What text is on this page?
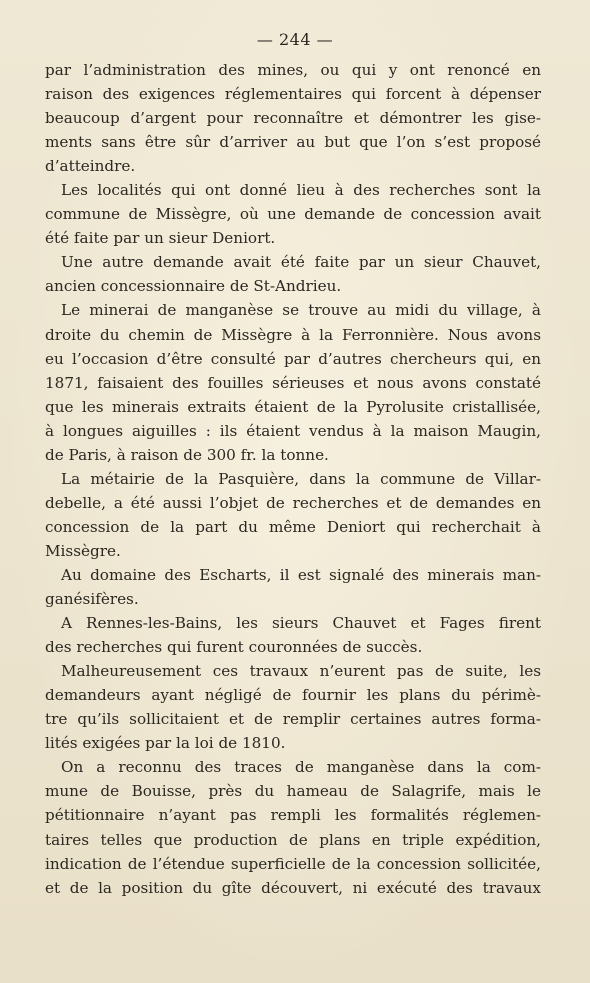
— 244 —
par l’administration des mines, ou qui y ont renoncé en
raison des exigences réglementaires qui forcent à dépenser
beaucoup d’argent pour reconnaître et démontrer les gise-
ments sans être sûr d’arriver au but que l’on s’est proposé
d’atteindre.
Les localités qui ont donné lieu à des recherches sont la
commune de Missègre, où une demande de concession avait
été faite par un sieur Deniort.
Une autre demande avait été faite par un sieur Chauvet,
ancien concessionnaire de St-Andrieu.
Le minerai de manganèse se trouve au midi du village, à
droite du chemin de Missègre à la Ferronnière. Nous avons
eu l’occasion d’être consulté par d’autres chercheurs qui, en
1871, faisaient des fouilles sérieuses et nous avons constaté
que les minerais extraits étaient de la Pyrolusite cristallisée,
à longues aiguilles : ils étaient vendus à la maison Maugin,
de Paris, à raison de 300 fr. la tonne.
La métairie de la Pasquière, dans la commune de Villar-
debelle, a été aussi l’objet de recherches et de demandes en
concession de la part du même Deniort qui recherchait à
Missègre.
Au domaine des Escharts, il est signalé des minerais man-
ganésifères.
A Rennes-les-Bains, les sieurs Chauvet et Fages firent
des recherches qui furent couronnées de succès.
Malheureusement ces travaux n’eurent pas de suite, les
demandeurs ayant négligé de fournir les plans du périmè-
tre qu’ils sollicitaient et de remplir certaines autres forma-
lités exigées par la loi de 1810.
On a reconnu des traces de manganèse dans la com-
mune de Bouisse, près du hameau de Salagrife, mais le
pétitionnaire n’ayant pas rempli les formalités réglemen-
taires telles que production de plans en triple expédition,
indication de l’étendue superficielle de la concession sollicitée,
et de la position du gîte découvert, ni exécuté des travaux
